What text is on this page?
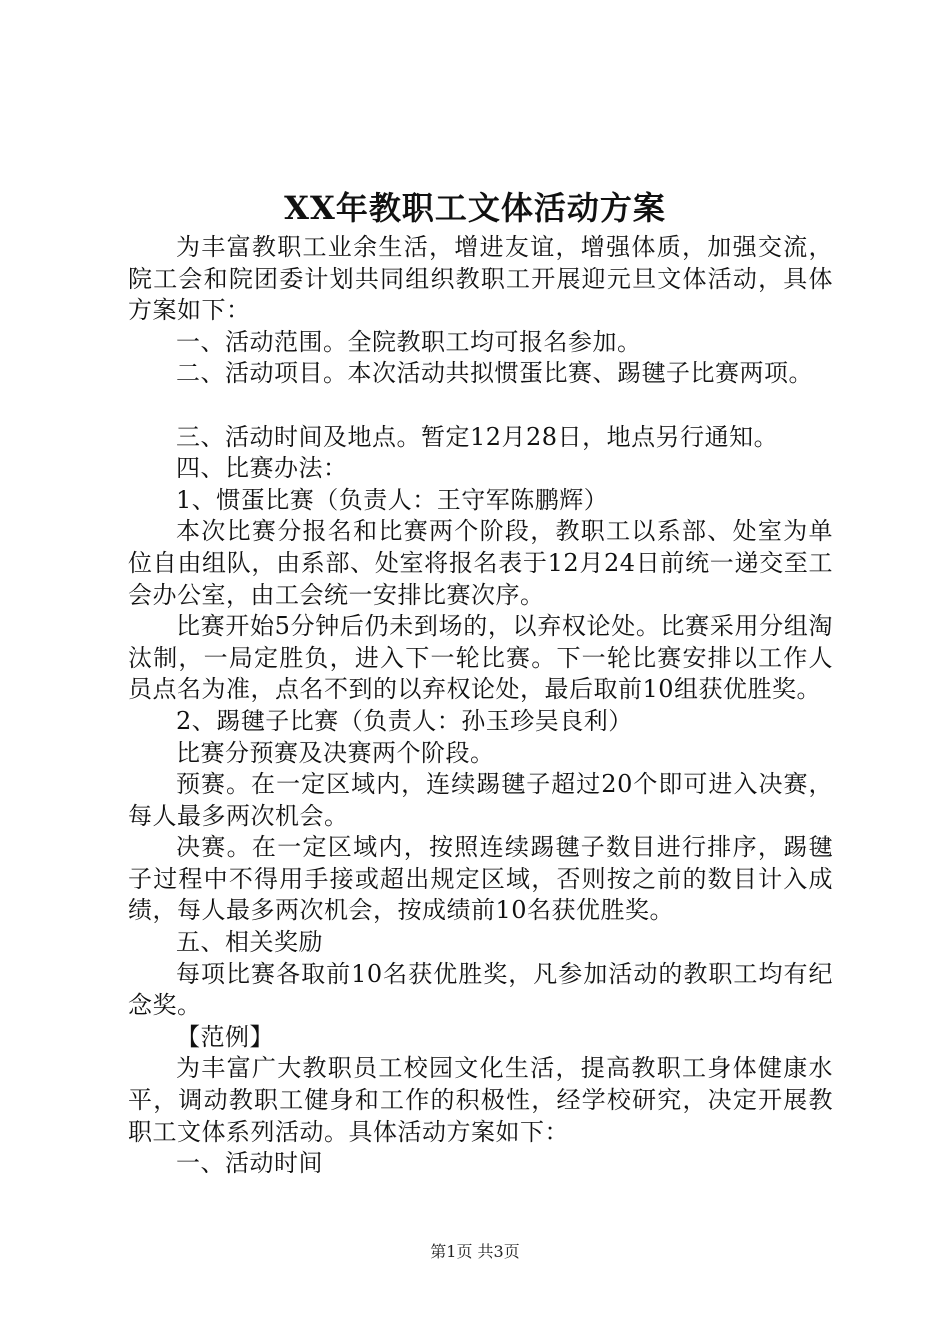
XX年教职工文体活动方案

为丰富教职工业余生活，增进友谊，增强体质，加强交流，院工会和院团委计划共同组织教职工开展迎元旦文体活动，具体方案如下：

一、活动范围。全院教职工均可报名参加。

二、活动项目。本次活动共拟惯蛋比赛、踢毽子比赛两项。

三、活动时间及地点。暂定12月28日，地点另行通知。

四、比赛办法：

1、惯蛋比赛（负责人：王守军陈鹏辉）

本次比赛分报名和比赛两个阶段，教职工以系部、处室为单位自由组队，由系部、处室将报名表于12月24日前统一递交至工会办公室，由工会统一安排比赛次序。

比赛开始5分钟后仍未到场的，以弃权论处。比赛采用分组淘汰制，一局定胜负，进入下一轮比赛。下一轮比赛安排以工作人员点名为准，点名不到的以弃权论处，最后取前10组获优胜奖。

2、踢毽子比赛（负责人：孙玉珍吴良利）

比赛分预赛及决赛两个阶段。

预赛。在一定区域内，连续踢毽子超过20个即可进入决赛，每人最多两次机会。

决赛。在一定区域内，按照连续踢毽子数目进行排序，踢毽子过程中不得用手接或超出规定区域，否则按之前的数目计入成绩，每人最多两次机会，按成绩前10名获优胜奖。

五、相关奖励

每项比赛各取前10名获优胜奖，凡参加活动的教职工均有纪念奖。

【范例】

为丰富广大教职员工校园文化生活，提高教职工身体健康水平，调动教职工健身和工作的积极性，经学校研究，决定开展教职工文体系列活动。具体活动方案如下：

一、活动时间

第1页 共3页
